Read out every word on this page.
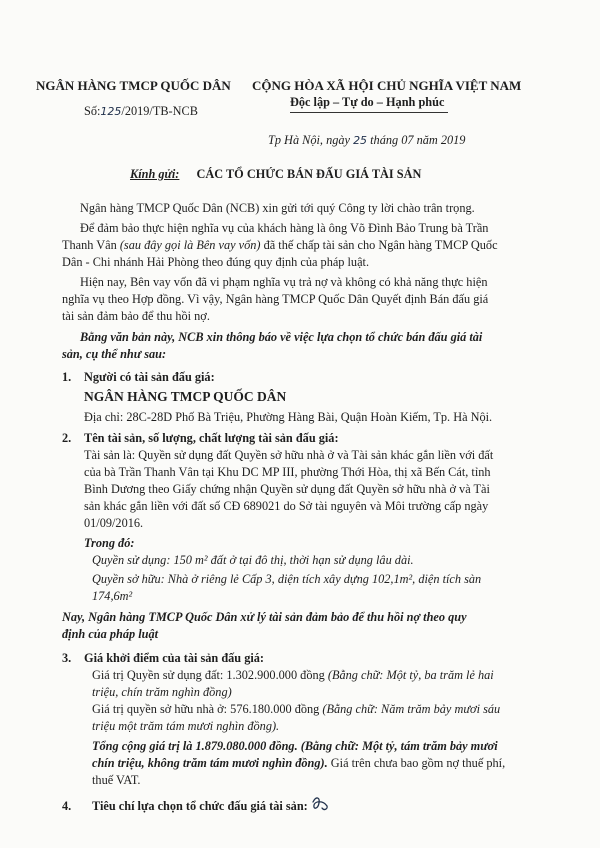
NGÂN HÀNG TMCP QUỐC DÂN
Số:125/2019/TB-NCB
CỘNG HÒA XÃ HỘI CHỦ NGHĨA VIỆT NAM
Độc lập – Tự do – Hạnh phúc
Tp Hà Nội, ngày 25 tháng 07 năm 2019
Kính gửi: CÁC TỔ CHỨC BÁN ĐẤU GIÁ TÀI SẢN
Ngân hàng TMCP Quốc Dân (NCB) xin gửi tới quý Công ty lời chào trân trọng.
Để đảm bảo thực hiện nghĩa vụ của khách hàng là ông Võ Đình Bảo Trung bà Trần
Thanh Vân (sau đây gọi là Bên vay vốn) đã thế chấp tài sản cho Ngân hàng TMCP Quốc
Dân - Chi nhánh Hải Phòng theo đúng quy định của pháp luật.
Hiện nay, Bên vay vốn đã vi phạm nghĩa vụ trả nợ và không có khả năng thực hiện
nghĩa vụ theo Hợp đồng. Vì vậy, Ngân hàng TMCP Quốc Dân Quyết định Bán đấu giá
tài sản đảm bảo để thu hồi nợ.
Bằng văn bản này, NCB xin thông báo về việc lựa chọn tổ chức bán đấu giá tài
sản, cụ thể như sau:
1. Người có tài sản đấu giá:
NGÂN HÀNG TMCP QUỐC DÂN
Địa chỉ: 28C-28D Phố Bà Triệu, Phường Hàng Bài, Quận Hoàn Kiếm, Tp. Hà Nội.
2. Tên tài sản, số lượng, chất lượng tài sản đấu giá:
Tài sản là: Quyền sử dụng đất Quyền sở hữu nhà ở và Tài sản khác gắn liền với đất
của bà Trần Thanh Vân tại Khu DC MP III, phường Thới Hòa, thị xã Bến Cát, tỉnh
Bình Dương theo Giấy chứng nhận Quyền sử dụng đất Quyền sở hữu nhà ở và Tài
sản khác gắn liền với đất số CĐ 689021 do Sở tài nguyên và Môi trường cấp ngày
01/09/2016.
Trong đó:
Quyền sử dụng: 150 m² đất ở tại đô thị, thời hạn sử dụng lâu dài.
Quyền sở hữu: Nhà ở riêng lẻ Cấp 3, diện tích xây dựng 102,1m², diện tích sàn
174,6m²
Nay, Ngân hàng TMCP Quốc Dân xử lý tài sản đảm bảo để thu hồi nợ theo quy
định của pháp luật
3. Giá khởi điểm của tài sản đấu giá:
Giá trị Quyền sử dụng đất: 1.302.900.000 đồng (Bằng chữ: Một tỷ, ba trăm lẻ hai
triệu, chín trăm nghìn đồng)
Giá trị quyền sở hữu nhà ở: 576.180.000 đồng (Bằng chữ: Năm trăm bảy mươi sáu
triệu một trăm tám mươi nghìn đồng).
Tổng cộng giá trị là 1.879.080.000 đồng. (Bằng chữ: Một tỷ, tám trăm bảy mươi
chín triệu, không trăm tám mươi nghìn đồng). Giá trên chưa bao gồm nợ thuế phí,
thuế VAT.
4. Tiêu chí lựa chọn tổ chức đấu giá tài sản:
